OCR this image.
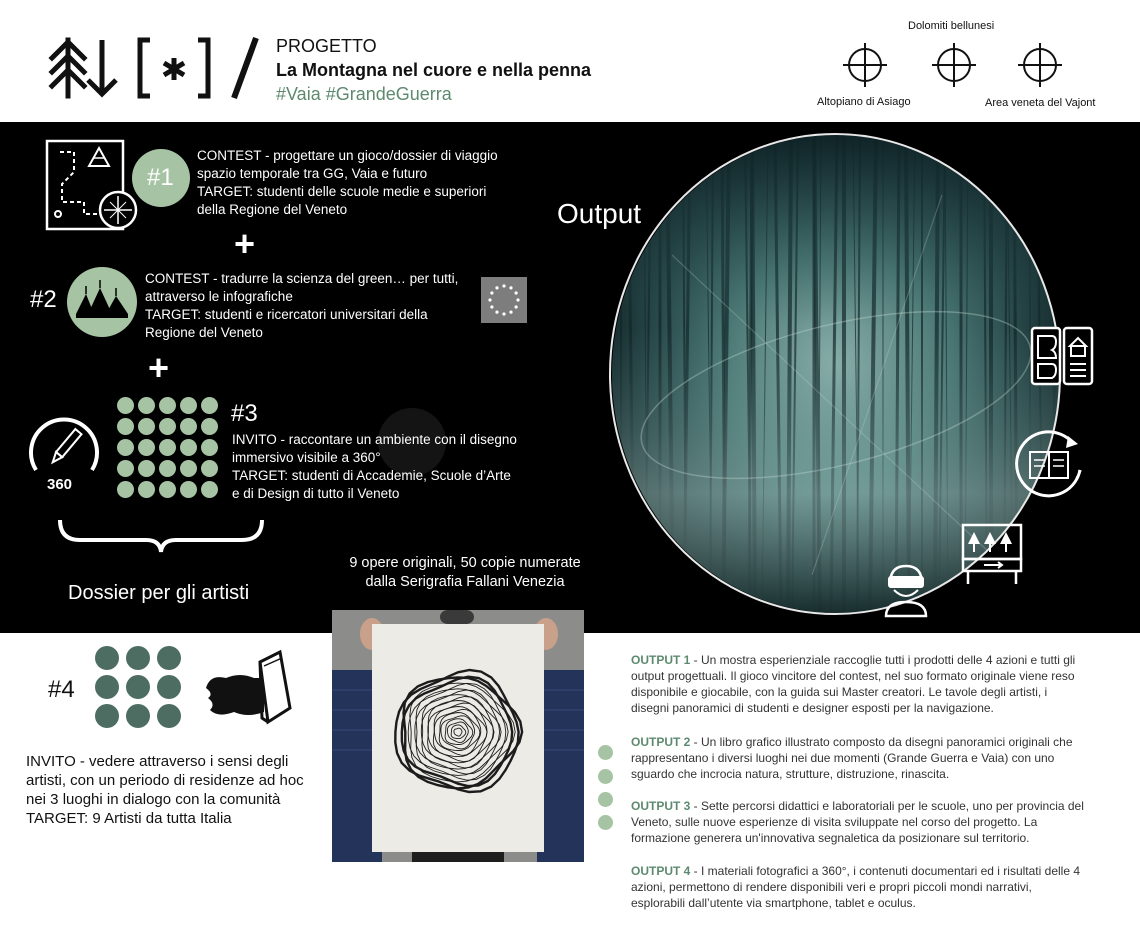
PROGETTO
La Montagna nel cuore e nella penna
#Vaia #GrandeGuerra
Dolomiti bellunesi
Altopiano di Asiago	Area veneta del Vajont
#1
CONTEST - progettare un gioco/dossier di viaggio
spazio temporale tra GG, Vaia e futuro
TARGET: studenti delle scuole medie e superiori
della Regione del Veneto
+
#2
CONTEST - tradurre la scienza del green… per tutti,
attraverso le infografiche
TARGET: studenti e ricercatori universitari della
Regione del Veneto
+
360
#3
INVITO - raccontare un ambiente con il disegno
immersivo visibile a 360°
TARGET: studenti di Accademie, Scuole d’Arte
e di Design di tutto il Veneto
Dossier per gli artisti
Output
#4
INVITO - vedere attraverso i sensi degli
artisti, con un periodo di residenze ad hoc
nei 3 luoghi in dialogo con la comunità
TARGET: 9 Artisti da tutta Italia
9 opere originali, 50 copie numerate
dalla Serigrafia Fallani Venezia
OUTPUT 1 - Un mostra esperienziale raccoglie tutti i prodotti delle 4 azioni e tutti gli
output progettuali. Il gioco vincitore del contest, nel suo formato originale viene reso
disponibile e giocabile, con la guida sui Master creatori. Le tavole degli artisti, i
disegni panoramici di studenti e designer esposti per la navigazione.
OUTPUT 2 - Un libro grafico illustrato composto da disegni panoramici originali che
rappresentano i diversi luoghi nei due momenti (Grande Guerra e Vaia) con uno
sguardo che incrocia natura, strutture, distruzione, rinascita.
OUTPUT 3 - Sette percorsi didattici e laboratoriali per le scuole, uno per provincia del
Veneto, sulle nuove esperienze di visita sviluppate nel corso del progetto. La
formazione generera un'innovativa segnaletica da posizionare sul territorio.
OUTPUT 4 - I materiali fotografici a 360°, i contenuti documentari ed i risultati delle 4
azioni, permettono di rendere disponibili veri e propri piccoli mondi narrativi,
esplorabili dall’utente via smartphone, tablet e oculus.
